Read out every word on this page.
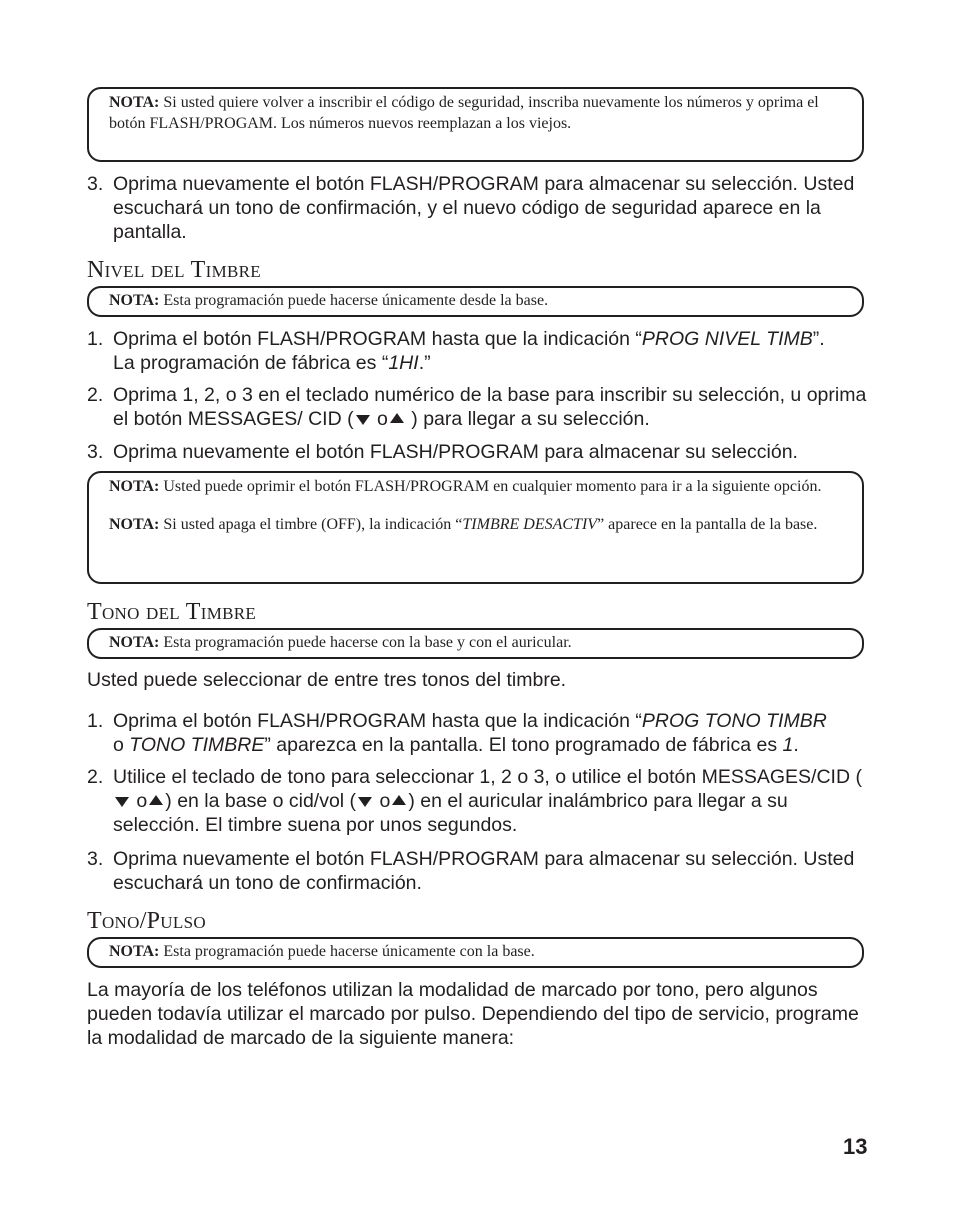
NOTA: Si usted quiere volver a inscribir el código de seguridad, inscriba nuevamente los números y oprima el botón FLASH/PROGAM. Los números nuevos reemplazan a los viejos.

3. Oprima nuevamente el botón FLASH/PROGRAM para almacenar su selección. Usted escuchará un tono de confirmación, y el nuevo código de seguridad aparece en la pantalla.
Nivel del Timbre

NOTA: Esta programación puede hacerse únicamente desde la base.

1. Oprima el botón FLASH/PROGRAM hasta que la indicación “PROG NIVEL TIMB”.
La programación de fábrica es “1HI.”
2. Oprima 1, 2, o 3 en el teclado numérico de la base para inscribir su selección, u oprima el botón MESSAGES/ CID ( o ) para llegar a su selección.
3. Oprima nuevamente el botón FLASH/PROGRAM para almacenar su selección.

NOTA: Usted puede oprimir el botón FLASH/PROGRAM en cualquier momento para ir a la siguiente opción.

NOTA: Si usted apaga el timbre (OFF), la indicación “TIMBRE DESACTIV” aparece en la pantalla de la base.

Tono del Timbre

NOTA: Esta programación puede hacerse con la base y con el auricular.

Usted puede seleccionar de entre tres tonos del timbre.
1. Oprima el botón FLASH/PROGRAM hasta que la indicación “PROG TONO TIMBR
o TONO TIMBRE” aparezca en la pantalla. El tono programado de fábrica es 1.
2. Utilice el teclado de tono para seleccionar 1, 2 o 3, o utilice el botón MESSAGES/CID ( o ) en la base o cid/vol ( o ) en el auricular inalámbrico para llegar a su selección. El timbre suena por unos segundos.
3. Oprima nuevamente el botón FLASH/PROGRAM para almacenar su selección. Usted escuchará un tono de confirmación.
Tono/Pulso

NOTA: Esta programación puede hacerse únicamente con la base.

La mayoría de los teléfonos utilizan la modalidad de marcado por tono, pero algunos pueden todavía utilizar el marcado por pulso. Dependiendo del tipo de servicio, programe la modalidad de marcado de la siguiente manera:
13
